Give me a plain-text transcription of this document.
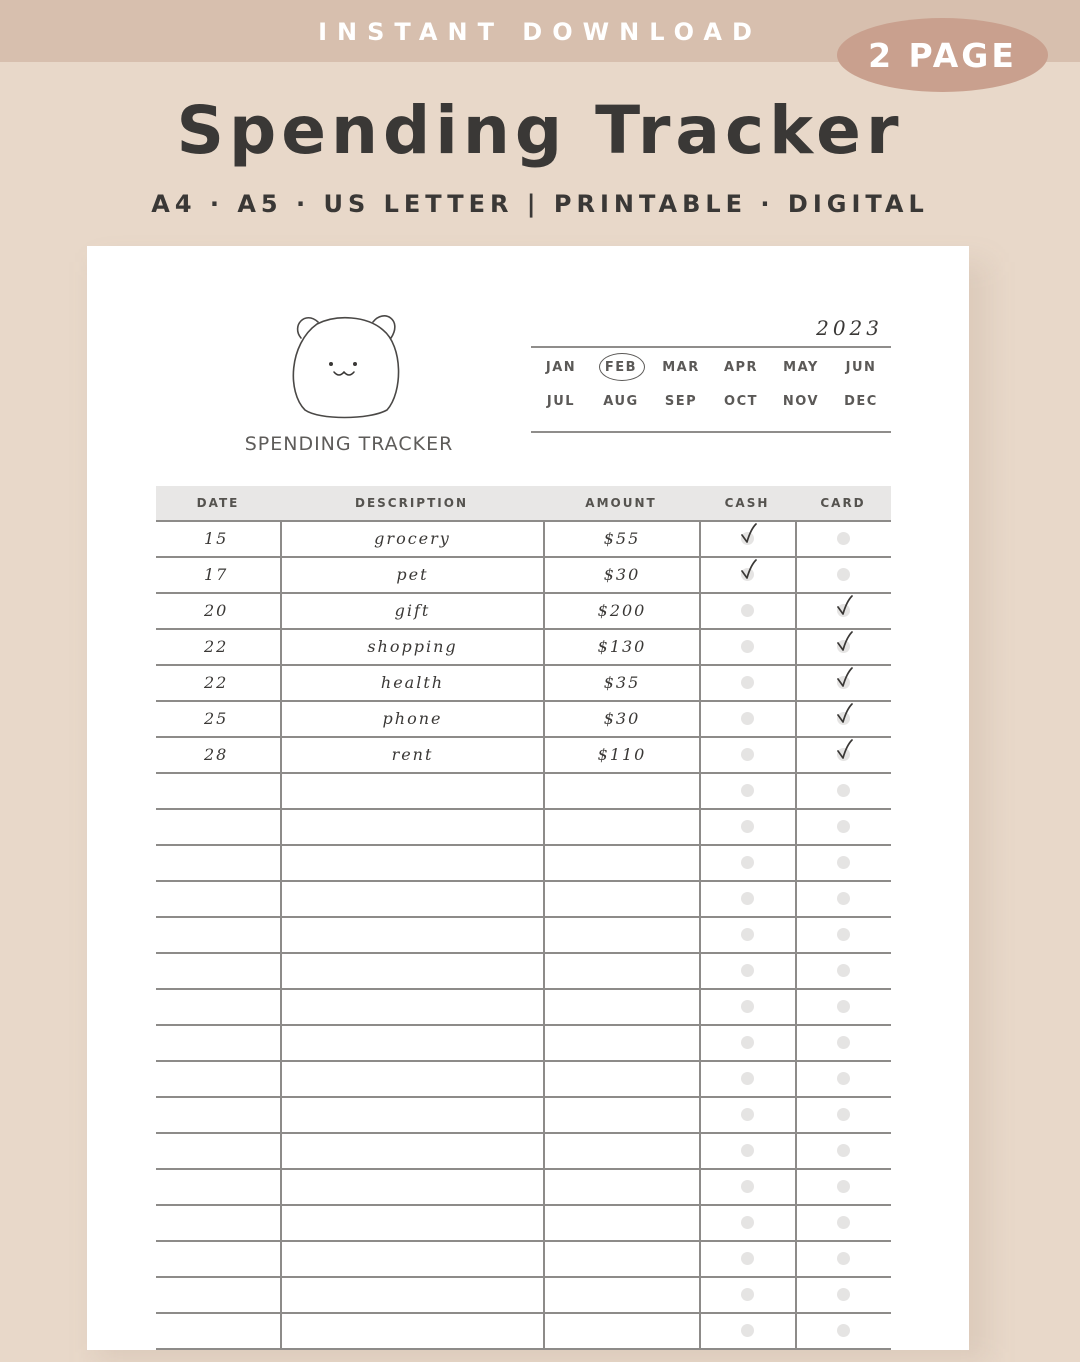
INSTANT DOWNLOAD
2 PAGE
Spending Tracker
A4 · A5 · US LETTER | PRINTABLE · DIGITAL
SPENDING TRACKER
2023
JAN	FEB	MAR	APR	MAY	JUN
JUL	AUG	SEP	OCT	NOV	DEC
DATE	DESCRIPTION	AMOUNT	CASH	CARD
15	grocery	$55
17	pet	$30
20	gift	$200
22	shopping	$130
22	health	$35
25	phone	$30
28	rent	$110
